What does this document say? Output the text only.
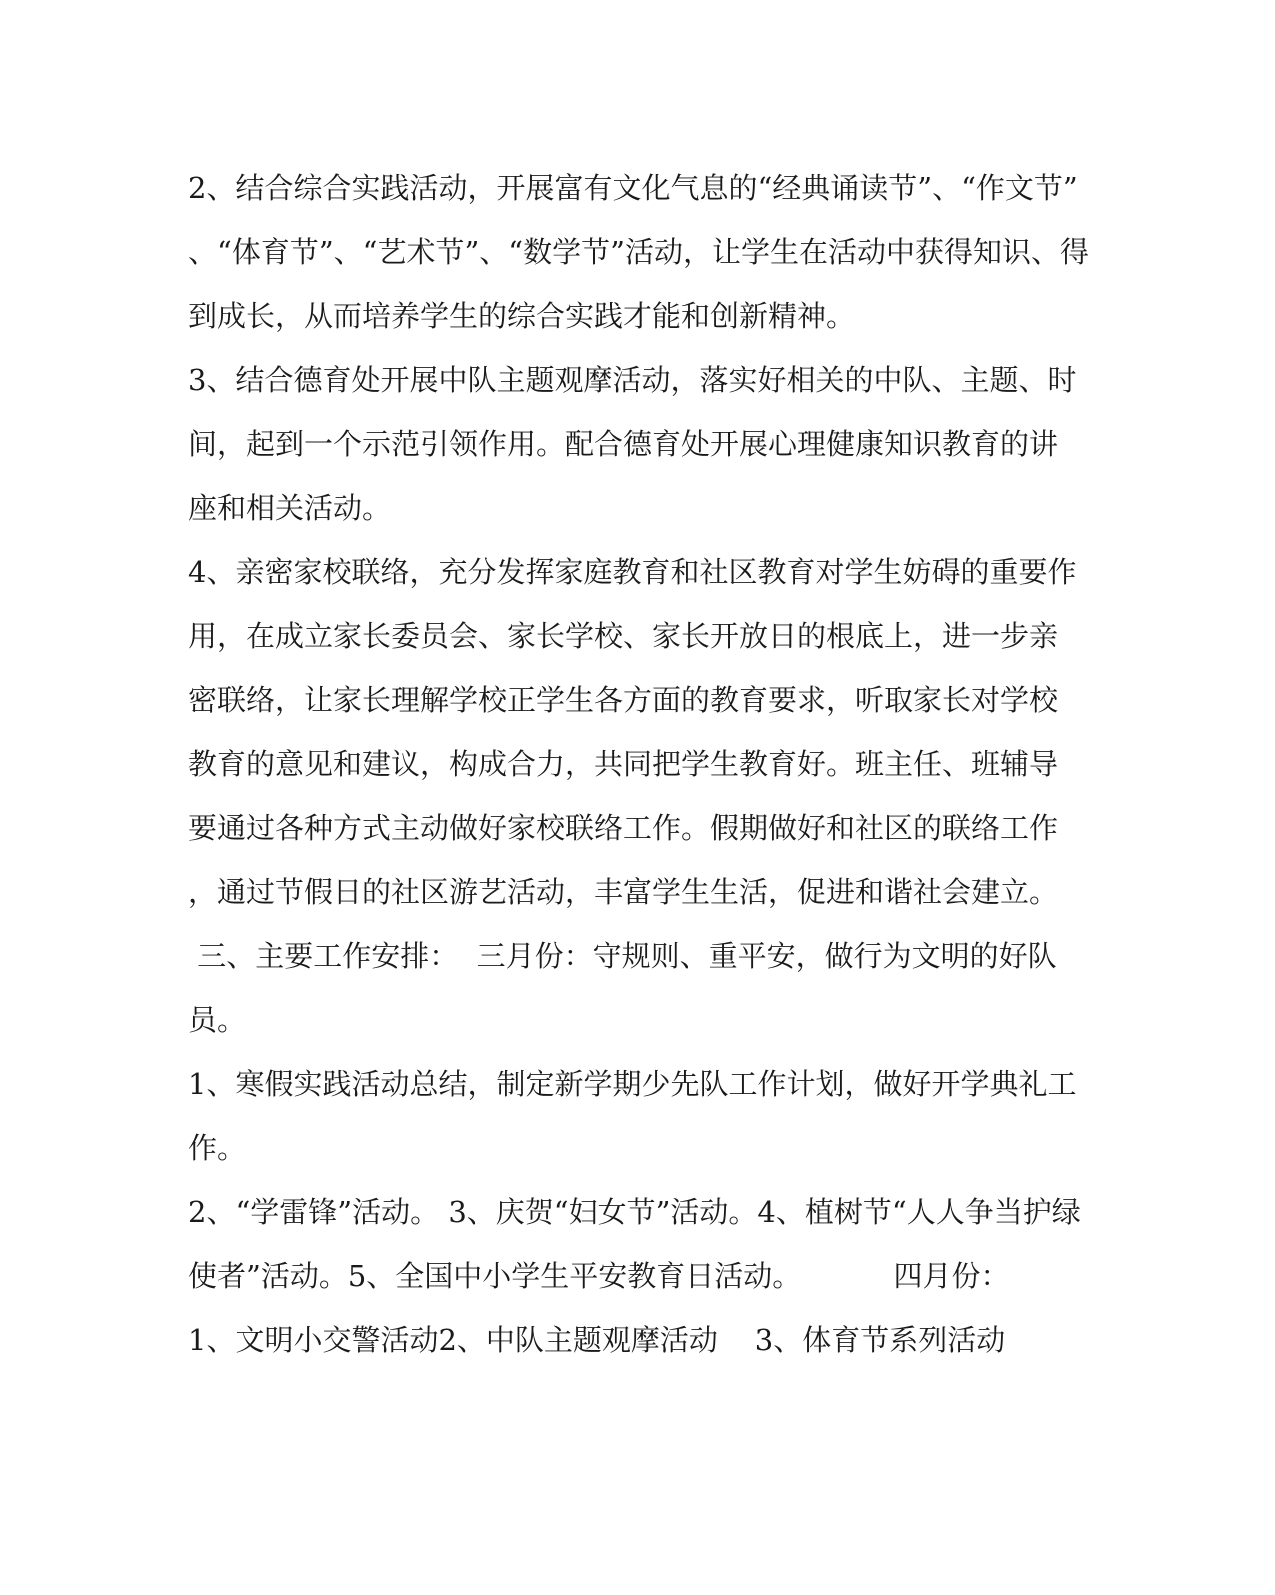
2、结合综合实践活动，开展富有文化气息的“经典诵读节”、“作文节”
、“体育节”、“艺术节”、“数学节”活动，让学生在活动中获得知识、得
到成长，从而培养学生的综合实践才能和创新精神。
3、结合德育处开展中队主题观摩活动，落实好相关的中队、主题、时
间，起到一个示范引领作用。配合德育处开展心理健康知识教育的讲
座和相关活动。
4、亲密家校联络，充分发挥家庭教育和社区教育对学生妨碍的重要作
用，在成立家长委员会、家长学校、家长开放日的根底上，进一步亲
密联络，让家长理解学校正学生各方面的教育要求，听取家长对学校
教育的意见和建议，构成合力，共同把学生教育好。班主任、班辅导
要通过各种方式主动做好家校联络工作。假期做好和社区的联络工作
，通过节假日的社区游艺活动，丰富学生生活，促进和谐社会建立。
三、主要工作安排：  三月份：守规则、重平安，做行为文明的好队
员。
1、寒假实践活动总结，制定新学期少先队工作计划，做好开学典礼工
作。
2、“学雷锋”活动。 3、庆贺“妇女节”活动。4、植树节“人人争当护绿
使者”活动。5、全国中小学生平安教育日活动。          四月份：
1、文明小交警活动2、中队主题观摩活动    3、体育节系列活动
